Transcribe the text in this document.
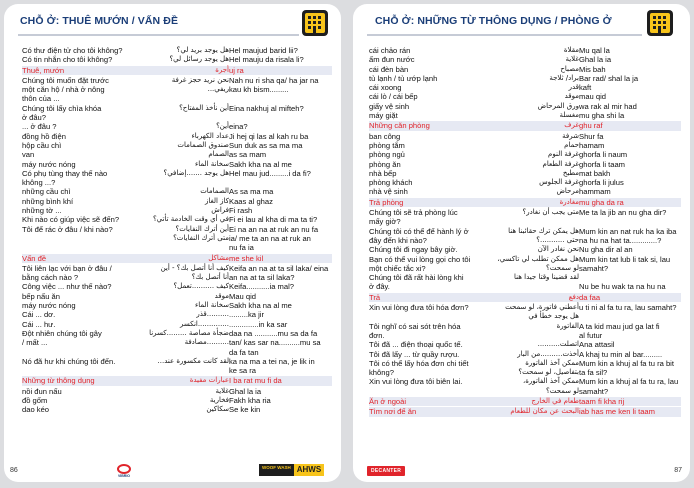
CHỖ Ở: THUÊ MƯỚN / VẤN ĐỀ
Có thư điện tử cho tôi không?	هل يوجد بريد لي؟ Hel maujud barid lii?
Có tin nhắn cho tôi không?	هل يوجد رسائل لي؟ Hel mauju da risala li?
Thuê, mướn	أجرة uj ra
Chúng tôi muốn đặt trước	نحن نريد حجز غرفة Nah nu ri sha qa/ ha jar na
một căn hộ / nhà ở nông	ريفي... kau kh bism.........
thôn của ...
Chúng tôi lấy chìa khóa	أين نأخذ المفتاح؟ Eina nakhuj al mifteh?
ở đâu?
... ở đâu ?	أين؟ eina?
đồng hồ điện	عداد الكهرباء Ji hej qi las al kah ru ba
hộp cầu chì	صندوق الصمامات Sun duk as sa ma ma
van	الصمام as sa mam
máy nước nóng	سخانة الماء Sakh kha na al me
Có phụ tùng thay thế nào	هل يوجد .......إضافي؟ Hel mau jud.........i da fi?
không ...?
những cầu chì	الصمامات As sa ma ma
những bình khí	كاز الغاز Kaas al ghaz
những tờ ...	فراش Fi rash
Khi nào có giúp việc sẽ đến?	في أي وقت الخادمة تأتي؟ Fi ei lau al kha di ma ta ti?
Tôi để rác ở đâu / khi nào?	أين أترك النفايات؟ Ei na an na at ruk an nu fa
متى أترك النفايات؟ ia/ me ta an na at ruk an
nu fa ia
Vấn đề	مشاكل me she kil
Tôi liên lạc với bạn ở đâu /	كيف أنا أتصل بك؟ - أين Keifa an na at ta sil laka/ eina
bằng cách nào ?	أنا أتصل بك؟ an na at ta sil laka?
Công việc ... như thế nào?	كيف ..........تعمل؟ Keifa...........ia mal?
bếp nấu ăn	موقد Mau qid
máy nước nóng	سخانة الماء Sakh kha na al me
Cái ... dơ.	..........قذر .........ka jir
Cái ... hư.	..............انكسر ..............in ka sar
Đột nhiên chúng tôi gây	ضجأة مصاصة .........كسرنا daa na ...........mu sa da fa
/ mất ...	..........مصادفة tan/ kas sar na..........mu sa
da fa tan
Nó đã hư khi chúng tôi đến.	لقد كانت مكسورة عند... ka na ma a tei na, je lik in
ke sa ra
Những từ thông dụng	عبارات مفيدة I ba rat mu fi da
nồi đun nấu	غلاية Ghal la ia
đồ gốm	فخارية Fakh kha ria
dao kéo	سكاكين Se ke kin
86
VIBRIO
WOOF WASH AHWS
CHỖ Ở: NHỮNG TỪ THÔNG DỤNG / PHÒNG Ở
cái chảo rán	مقلاة Mu qal la
ấm đun nước	غلاية Ghal la ia
cái đèn bàn	مصباح Mis bah
tủ lạnh / tủ ướp lạnh	براد/ ثلاجة Bar rad/ shal la ja
cái xoong	قدر kaft
cái lò / cái bếp	موقد mau qid
giấy vệ sinh	ورق المرحاض wa rak al mir had
máy giặt	مغسلة mu gha shi la
Những căn phòng	غرف ghu raf
ban công	شرفة Shur fa
phòng tắm	حمام hamam
phòng ngủ	غرفة النوم ghorfa li naum
phòng ăn	غرفة الطعام ghorfa li taam
nhà bếp	مطبخ mat bakh
phòng khách	غرفة الجلوس ghorfa li julus
nhà vệ sinh	مرحاض hammam
Trả phòng	مغادرة mu gha da ra
Chúng tôi sẽ trả phòng lúc	متى يجب أن نغادر؟ Me ta la jib an nu gha dir?
mấy giờ?
Chúng tôi có thể để hành lý ở	هل يمكن ترك حقائبنا هنا Mum kin an nat ruk ha ka iba
đây đến khi nào?	حتى ...........؟ na hu na hat ta.............?
Chúng tôi đi ngay bây giờ.	نحن نغادر الآن Nu gha dir al an
Bạn có thể vui lòng gọi cho tôi	هل ممكن تطلب لي تاكسي، Mum kin tat lub li tak si, lau
một chiếc tắc xi?	لو سمحت؟ samaht?
Chúng tôi đã rất hài lòng khi	لقد قضينا وقتا جيدا هنا
ở đây.	Nu be hu wak ta na hu na
Trả	دفع da faa
Xin vui lòng đưa tôi hóa đơn?	أعطني فاتورة، لو سمحت u ti ni al fa tu ra, lau samaht?
هل يوجد خطأ في
Tôi nghĩ có sai sót trên hóa	الفاتورة A ta kid mau jud ga lat fi
đơn.	al futur
Tôi đã ... điện thoại quốc tế.	اتصلت.......... Ana attasil
Tôi đã lấy ... từ quầy rượu.	أخذت..........من البار A khaj tu min al bar.........
Tôi có thể lấy hóa đơn chi tiết	ممكن آخذ الفاتورة Mum kin a khuj al fa tu ra bit
không?	بتفاصيل، لو سمحت؟ ta fa sil?
Xin vui lòng đưa tôi biên lai.	ممكن آخذ الفاتورة، Mum kin a khuj al fa tu ra, lau
لو سمحت؟ samaht?
Ăn ở ngoài	طعام في الخارج taam fi kha rij
Tìm nơi để ăn	البحث عن مكان للطعام iab has me ken li taam
DECANTER	87
